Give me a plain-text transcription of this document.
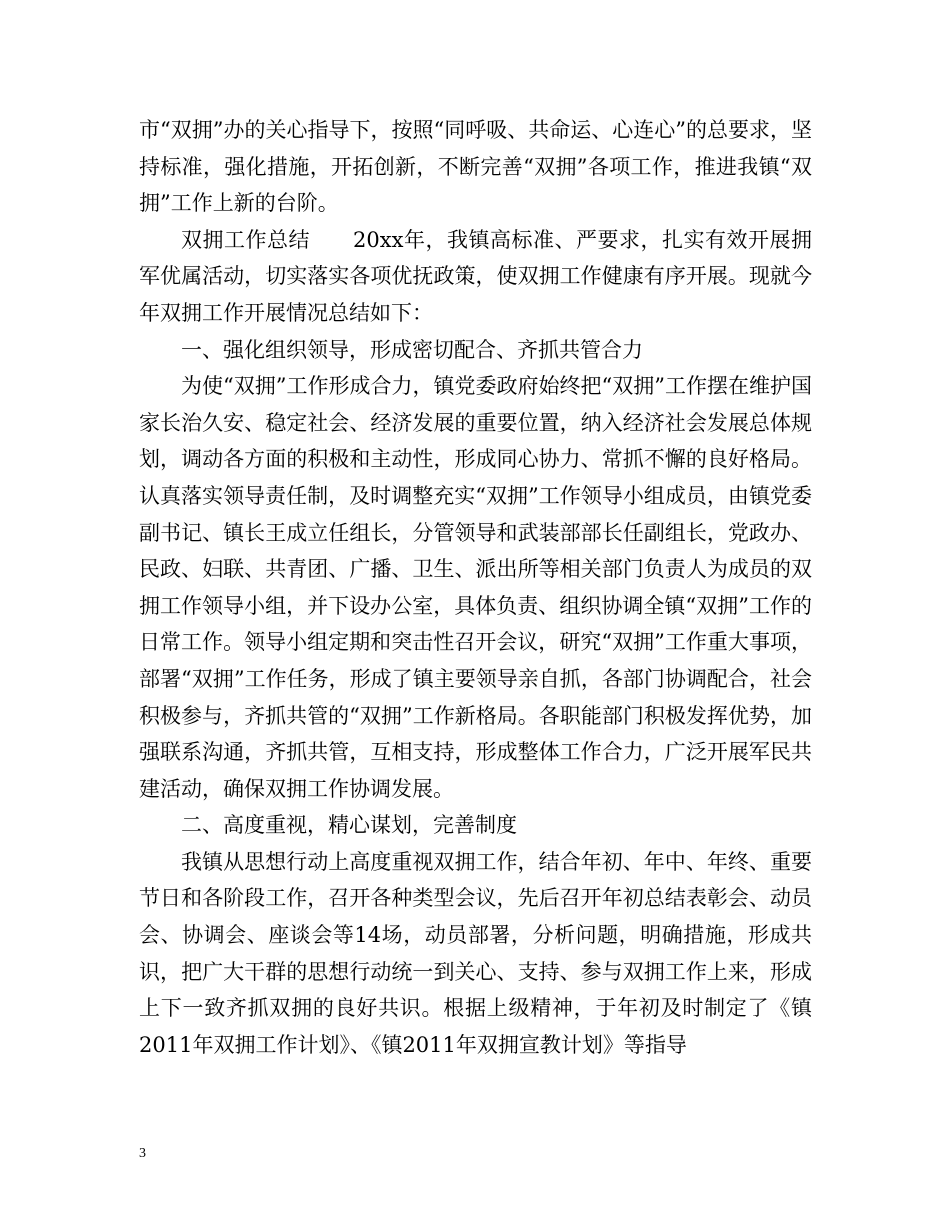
市“双拥”办的关心指导下，按照“同呼吸、共命运、心连心”的总要求，坚持标准，强化措施，开拓创新，不断完善“双拥”各项工作，推进我镇“双拥”工作上新的台阶。

双拥工作总结　　20xx年，我镇高标准、严要求，扎实有效开展拥军优属活动，切实落实各项优抚政策，使双拥工作健康有序开展。现就今年双拥工作开展情况总结如下：

一、强化组织领导，形成密切配合、齐抓共管合力

为使“双拥”工作形成合力，镇党委政府始终把“双拥”工作摆在维护国家长治久安、稳定社会、经济发展的重要位置，纳入经济社会发展总体规划，调动各方面的积极和主动性，形成同心协力、常抓不懈的良好格局。认真落实领导责任制，及时调整充实“双拥”工作领导小组成员，由镇党委副书记、镇长王成立任组长，分管领导和武装部部长任副组长，党政办、民政、妇联、共青团、广播、卫生、派出所等相关部门负责人为成员的双拥工作领导小组，并下设办公室，具体负责、组织协调全镇“双拥”工作的日常工作。领导小组定期和突击性召开会议，研究“双拥”工作重大事项，部署“双拥”工作任务，形成了镇主要领导亲自抓，各部门协调配合，社会积极参与，齐抓共管的“双拥”工作新格局。各职能部门积极发挥优势，加强联系沟通，齐抓共管，互相支持，形成整体工作合力，广泛开展军民共建活动，确保双拥工作协调发展。

二、高度重视，精心谋划，完善制度

我镇从思想行动上高度重视双拥工作，结合年初、年中、年终、重要节日和各阶段工作，召开各种类型会议，先后召开年初总结表彰会、动员会、协调会、座谈会等14场，动员部署，分析问题，明确措施，形成共识，把广大干群的思想行动统一到关心、支持、参与双拥工作上来，形成上下一致齐抓双拥的良好共识。根据上级精神，于年初及时制定了《镇2011年双拥工作计划》、《镇2011年双拥宣教计划》等指导

3
